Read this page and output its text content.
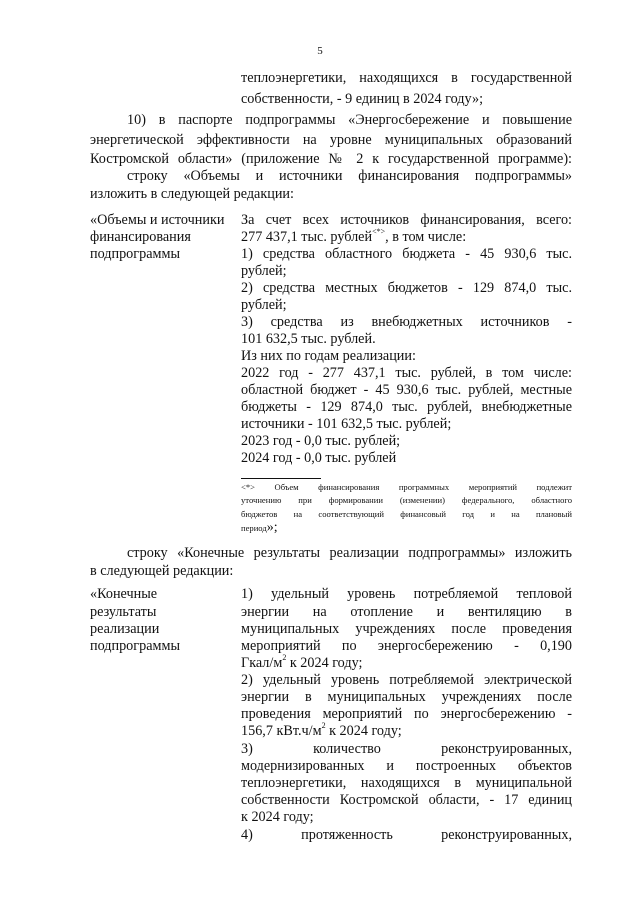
5
теплоэнергетики, находящихся в государственной
собственности, - 9 единиц в 2024 году»;
10) в паспорте подпрограммы «Энергосбережение и повышение
энергетической эффективности на уровне муниципальных образований
Костромской области» (приложение № 2 к государственной программе):
строку «Объемы и источники финансирования подпрограммы»
изложить в следующей редакции:
«Объемы и источники
финансирования
подпрограммы
За счет всех источников финансирования, всего:
277 437,1 тыс. рублей<*>, в том числе:
1) средства областного бюджета - 45 930,6 тыс.
рублей;
2) средства местных бюджетов - 129 874,0 тыс.
рублей;
3) средства из внебюджетных источников -
101 632,5 тыс. рублей.
Из них по годам реализации:
2022 год - 277 437,1 тыс. рублей, в том числе:
областной бюджет - 45 930,6 тыс. рублей, местные
бюджеты - 129 874,0 тыс. рублей, внебюджетные
источники - 101 632,5 тыс. рублей;
2023 год - 0,0 тыс. рублей;
2024 год - 0,0 тыс. рублей
<*> Объем финансирования программных мероприятий подлежит
уточнению при формировании (изменении) федерального, областного
бюджетов на соответствующий финансовый год и на плановый
период»;
строку «Конечные результаты реализации подпрограммы» изложить
в следующей редакции:
«Конечные
результаты
реализации
подпрограммы
1) удельный уровень потребляемой тепловой
энергии на отопление и вентиляцию в
муниципальных учреждениях после проведения
мероприятий по энергосбережению - 0,190
Гкал/$м^2$ к 2024 году;
2) удельный уровень потребляемой электрической
энергии в муниципальных учреждениях после
проведения мероприятий по энергосбережению -
156,7 $кВт.ч/м^2$ к 2024 году;
3) количество реконструированных,
модернизированных и построенных объектов
теплоэнергетики, находящихся в муниципальной
собственности Костромской области, - 17 единиц
к 2024 году;
4) протяженность реконструированных,
